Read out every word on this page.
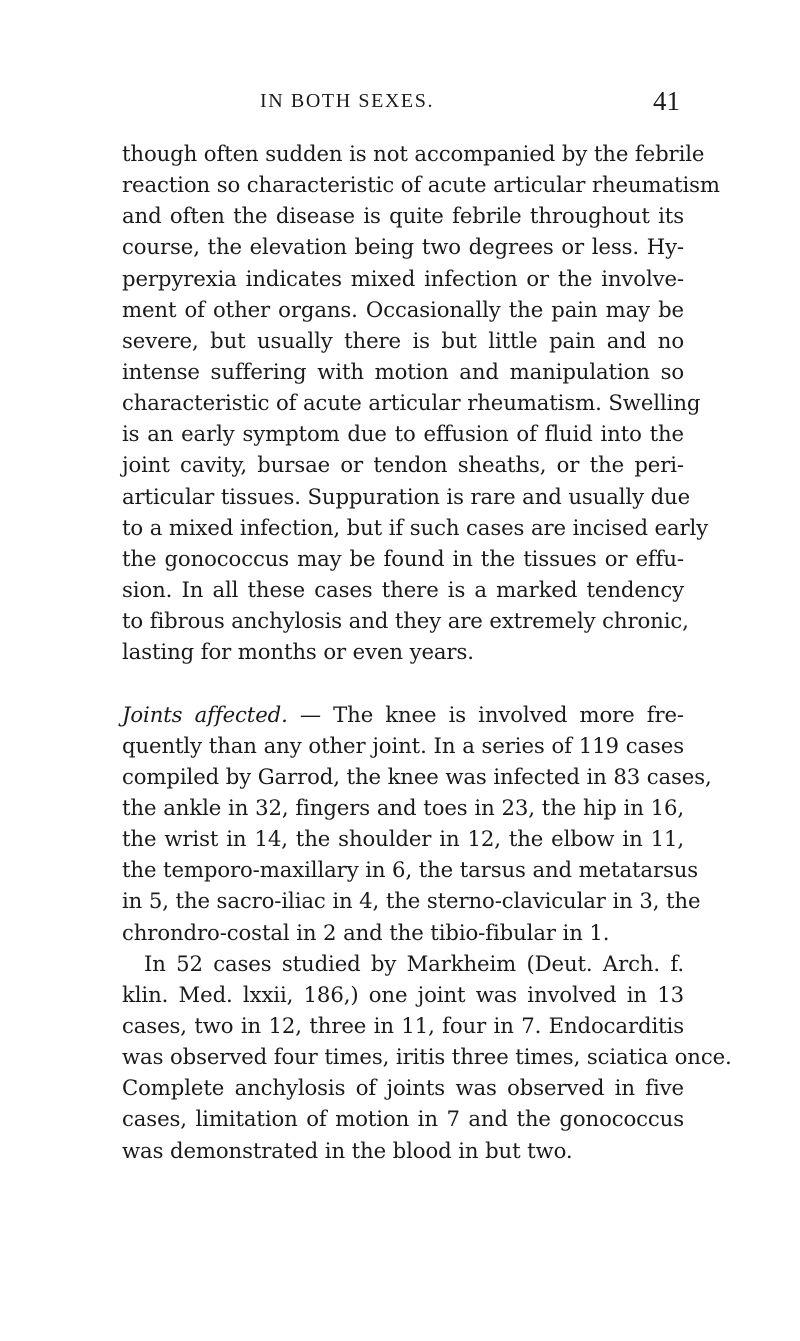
IN BOTH SEXES.	41
though often sudden is not accompanied by the febrile
reaction so characteristic of acute articular rheumatism
and often the disease is quite febrile throughout its
course, the elevation being two degrees or less. Hy-
perpyrexia indicates mixed infection or the involve-
ment of other organs. Occasionally the pain may be
severe, but usually there is but little pain and no
intense suffering with motion and manipulation so
characteristic of acute articular rheumatism. Swelling
is an early symptom due to effusion of fluid into the
joint cavity, bursae or tendon sheaths, or the peri-
articular tissues. Suppuration is rare and usually due
to a mixed infection, but if such cases are incised early
the gonococcus may be found in the tissues or effu-
sion. In all these cases there is a marked tendency
to fibrous anchylosis and they are extremely chronic,
lasting for months or even years.
Joints affected. — The knee is involved more fre-
quently than any other joint. In a series of 119 cases
compiled by Garrod, the knee was infected in 83 cases,
the ankle in 32, fingers and toes in 23, the hip in 16,
the wrist in 14, the shoulder in 12, the elbow in 11,
the temporo-maxillary in 6, the tarsus and metatarsus
in 5, the sacro-iliac in 4, the sterno-clavicular in 3, the
chrondro-costal in 2 and the tibio-fibular in 1.
In 52 cases studied by Markheim (Deut. Arch. f.
klin. Med. lxxii, 186,) one joint was involved in 13
cases, two in 12, three in 11, four in 7. Endocarditis
was observed four times, iritis three times, sciatica once.
Complete anchylosis of joints was observed in five
cases, limitation of motion in 7 and the gonococcus
was demonstrated in the blood in but two.
